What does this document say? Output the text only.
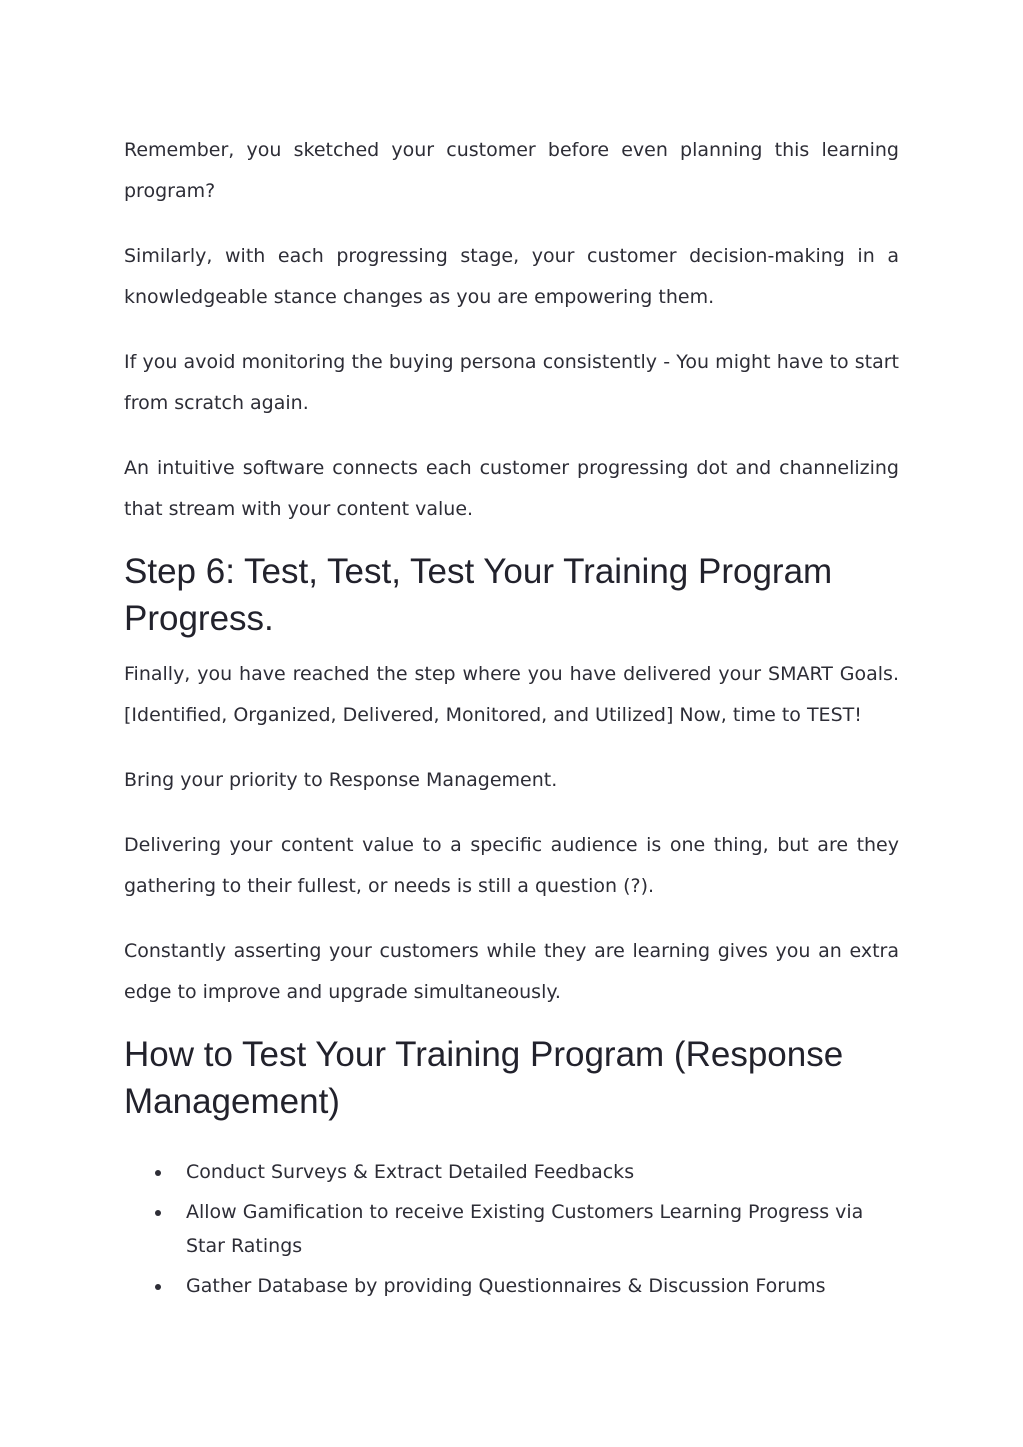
Remember, you sketched your customer before even planning this learning program?

Similarly, with each progressing stage, your customer decision-making in a knowledgeable stance changes as you are empowering them.

If you avoid monitoring the buying persona consistently - You might have to start from scratch again.

An intuitive software connects each customer progressing dot and channelizing that stream with your content value.

Step 6: Test, Test, Test Your Training Program Progress.

Finally, you have reached the step where you have delivered your SMART Goals. [Identified, Organized, Delivered, Monitored, and Utilized] Now, time to TEST!

Bring your priority to Response Management.

Delivering your content value to a specific audience is one thing, but are they gathering to their fullest, or needs is still a question (?).

Constantly asserting your customers while they are learning gives you an extra edge to improve and upgrade simultaneously.

How to Test Your Training Program (Response Management)
Conduct Surveys & Extract Detailed Feedbacks
Allow Gamification to receive Existing Customers Learning Progress via Star Ratings
Gather Database by providing Questionnaires & Discussion Forums
